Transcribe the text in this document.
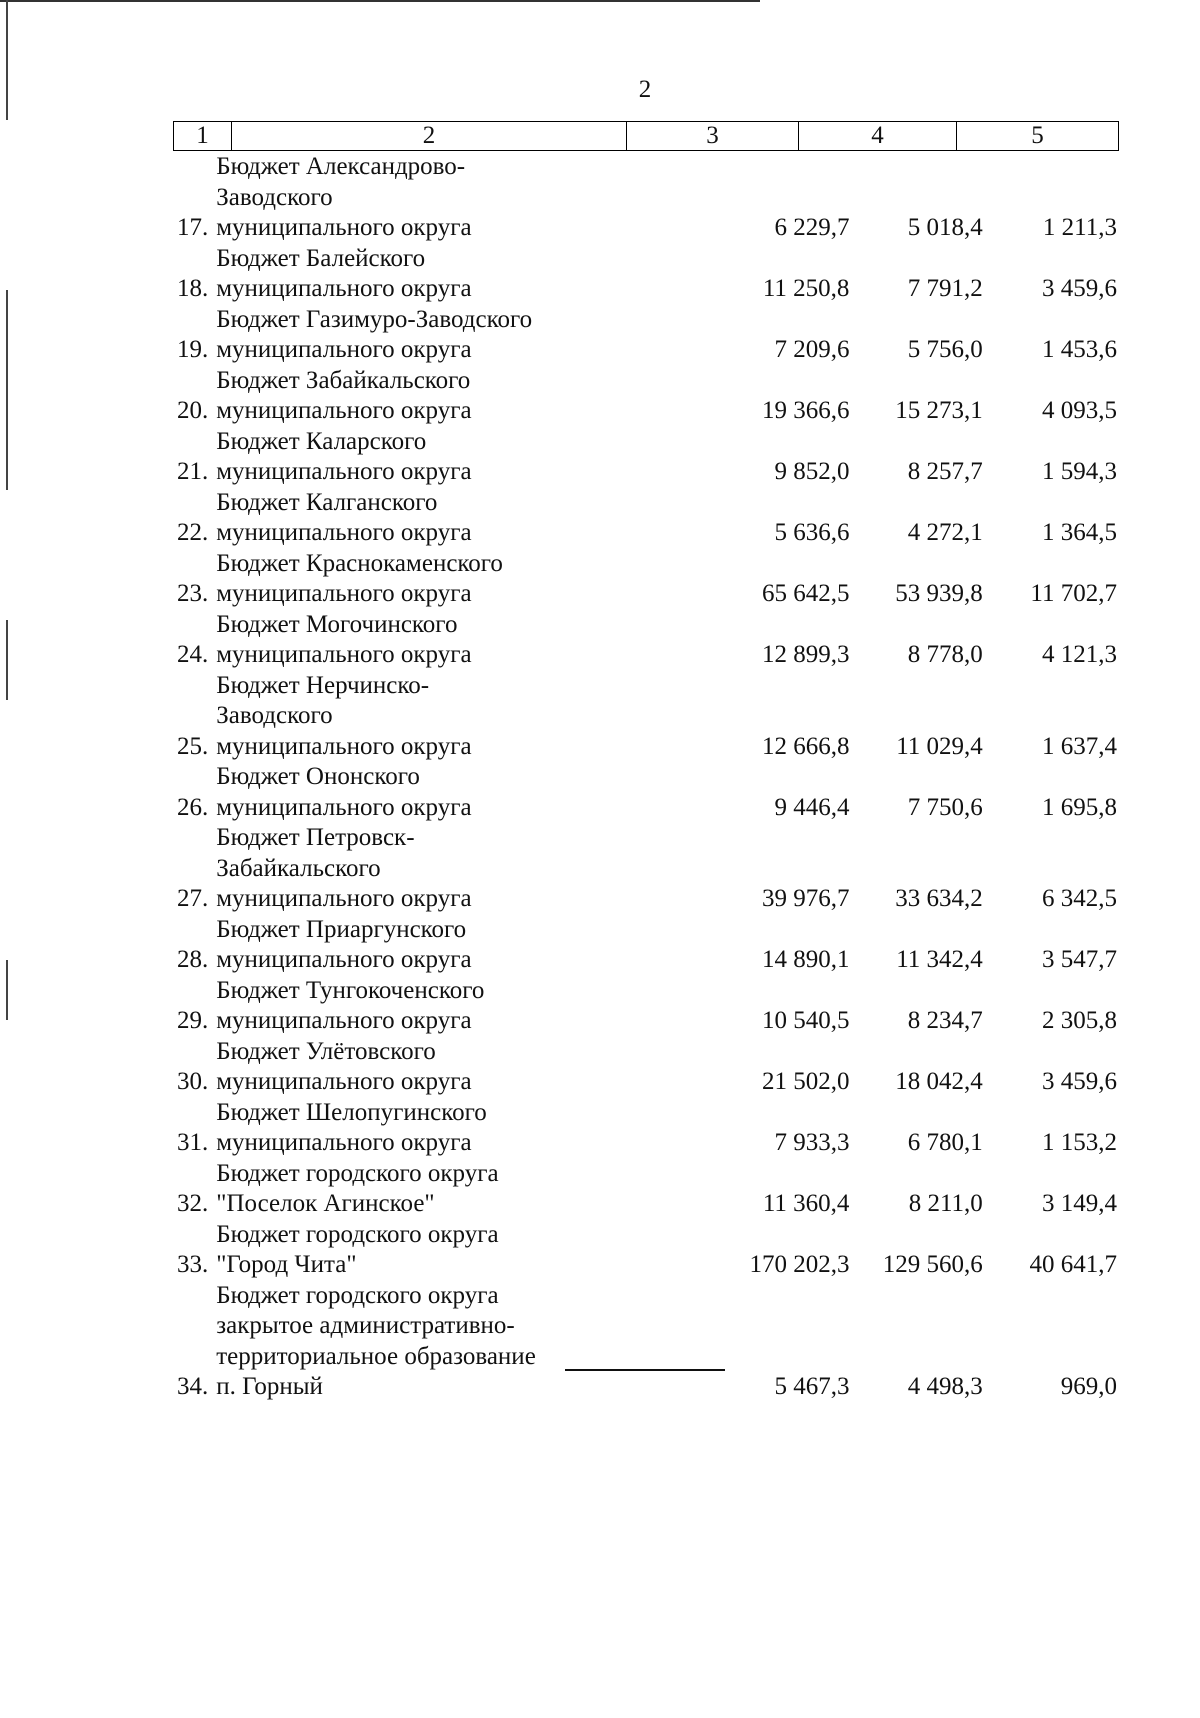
2
1	2	3	4	5
17.
Бюджет Александрово-Заводского
муниципального округа	6 229,7	5 018,4	1 211,3
18.
Бюджет Балейского
муниципального округа	11 250,8	7 791,2	3 459,6
19.
Бюджет Газимуро-Заводского
муниципального округа	7 209,6	5 756,0	1 453,6
20.
Бюджет Забайкальского
муниципального округа	19 366,6	15 273,1	4 093,5
21.
Бюджет Каларского
муниципального округа	9 852,0	8 257,7	1 594,3
22.
Бюджет Калганского
муниципального округа	5 636,6	4 272,1	1 364,5
23.
Бюджет Краснокаменского
муниципального округа	65 642,5	53 939,8	11 702,7
24.
Бюджет Могочинского
муниципального округа	12 899,3	8 778,0	4 121,3
25.
Бюджет Нерчинско-Заводского
муниципального округа	12 666,8	11 029,4	1 637,4
26.
Бюджет Ононского
муниципального округа	9 446,4	7 750,6	1 695,8
27.
Бюджет Петровск-Забайкальского
муниципального округа	39 976,7	33 634,2	6 342,5
28.
Бюджет Приаргунского
муниципального округа	14 890,1	11 342,4	3 547,7
29.
Бюджет Тунгокоченского
муниципального округа	10 540,5	8 234,7	2 305,8
30.
Бюджет Улётовского
муниципального округа	21 502,0	18 042,4	3 459,6
31.
Бюджет Шелопугинского
муниципального округа	7 933,3	6 780,1	1 153,2
32.
Бюджет городского округа
"Поселок Агинское"	11 360,4	8 211,0	3 149,4
33.
Бюджет городского округа
"Город Чита"	170 202,3	129 560,6	40 641,7
34.
Бюджет городского округа
закрытое административно-
территориальное образование
п. Горный	5 467,3	4 498,3	969,0
